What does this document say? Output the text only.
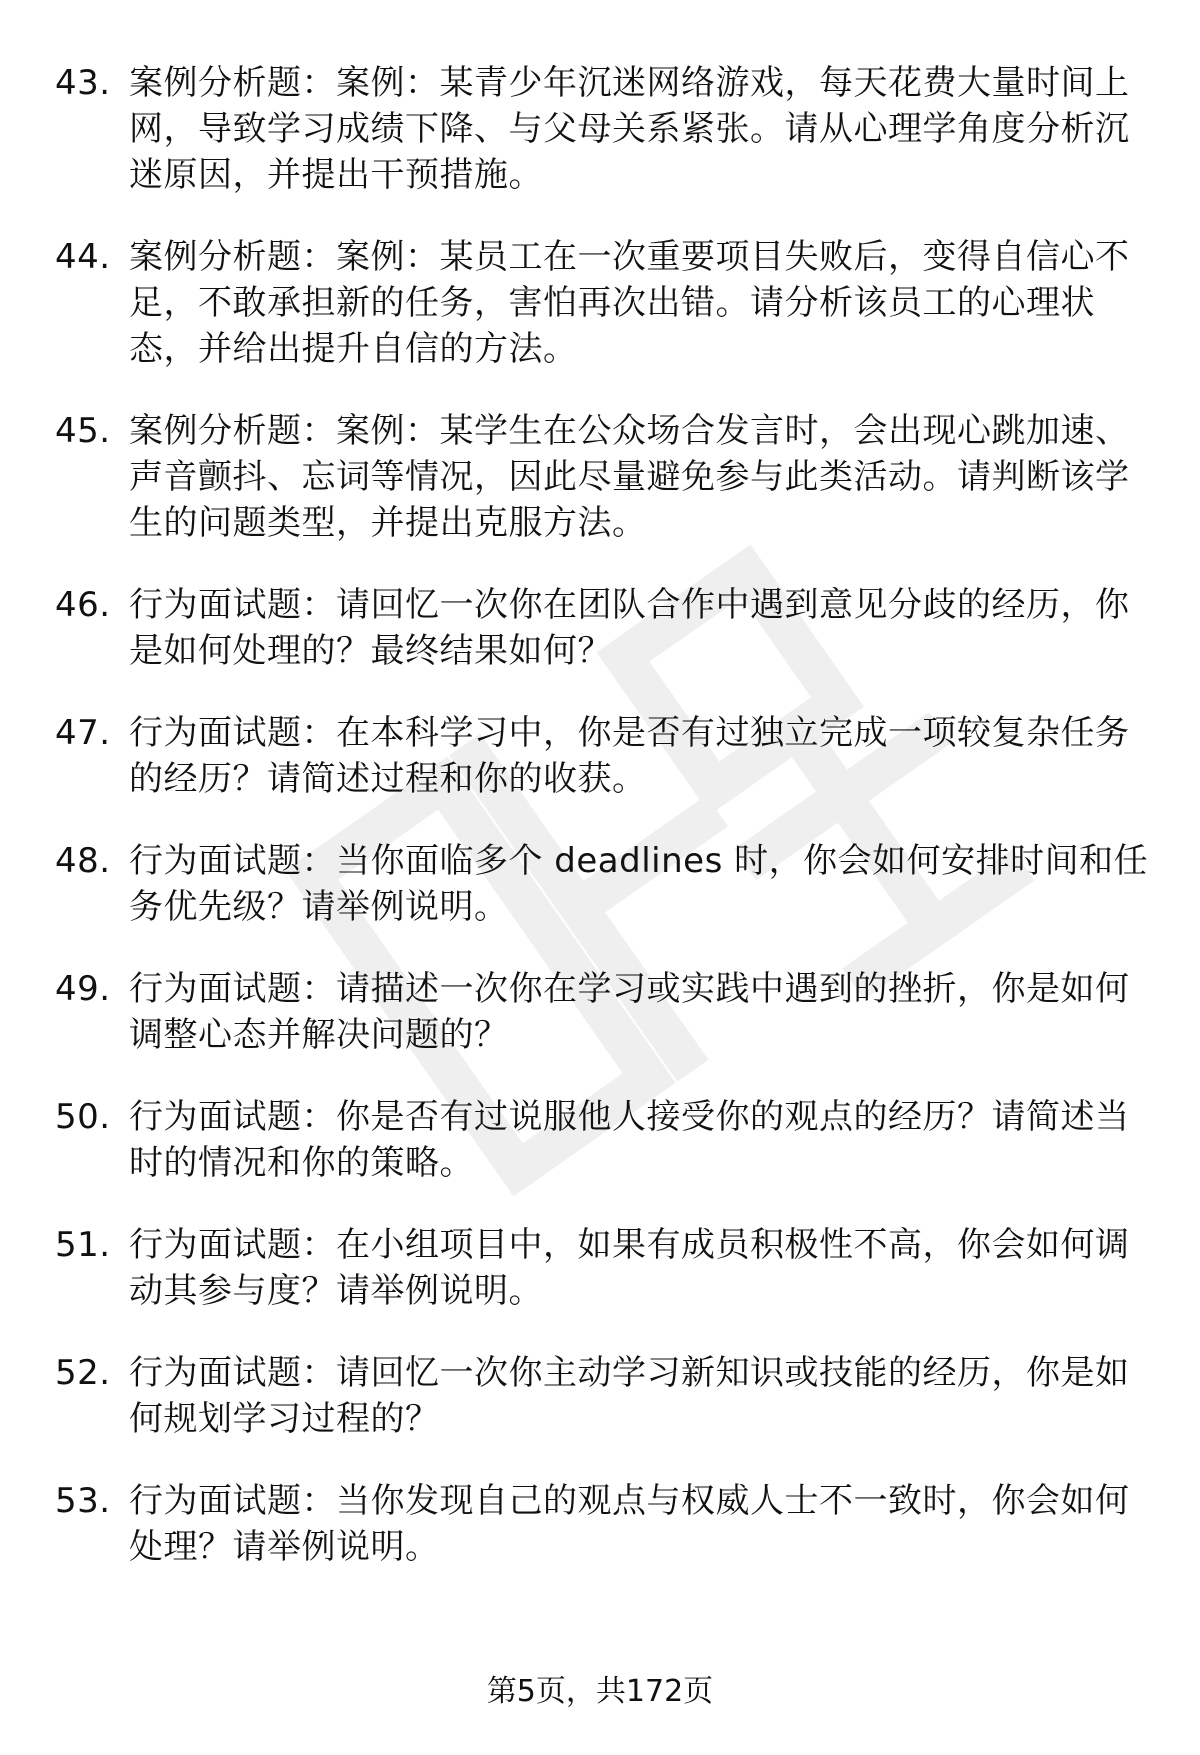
43. 案例分析题：案例：某青少年沉迷网络游戏，每天花费大量时间上网，导致学习成绩下降、与父母关系紧张。请从心理学角度分析沉迷原因，并提出干预措施。
44. 案例分析题：案例：某员工在一次重要项目失败后，变得自信心不足，不敢承担新的任务，害怕再次出错。请分析该员工的心理状态，并给出提升自信的方法。
45. 案例分析题：案例：某学生在公众场合发言时，会出现心跳加速、声音颤抖、忘词等情况，因此尽量避免参与此类活动。请判断该学生的问题类型，并提出克服方法。
46. 行为面试题：请回忆一次你在团队合作中遇到意见分歧的经历，你是如何处理的？最终结果如何？
47. 行为面试题：在本科学习中，你是否有过独立完成一项较复杂任务的经历？请简述过程和你的收获。
48. 行为面试题：当你面临多个 deadlines 时，你会如何安排时间和任务优先级？请举例说明。
49. 行为面试题：请描述一次你在学习或实践中遇到的挫折，你是如何调整心态并解决问题的？
50. 行为面试题：你是否有过说服他人接受你的观点的经历？请简述当时的情况和你的策略。
51. 行为面试题：在小组项目中，如果有成员积极性不高，你会如何调动其参与度？请举例说明。
52. 行为面试题：请回忆一次你主动学习新知识或技能的经历，你是如何规划学习过程的？
53. 行为面试题：当你发现自己的观点与权威人士不一致时，你会如何处理？请举例说明。
第5页，共172页
